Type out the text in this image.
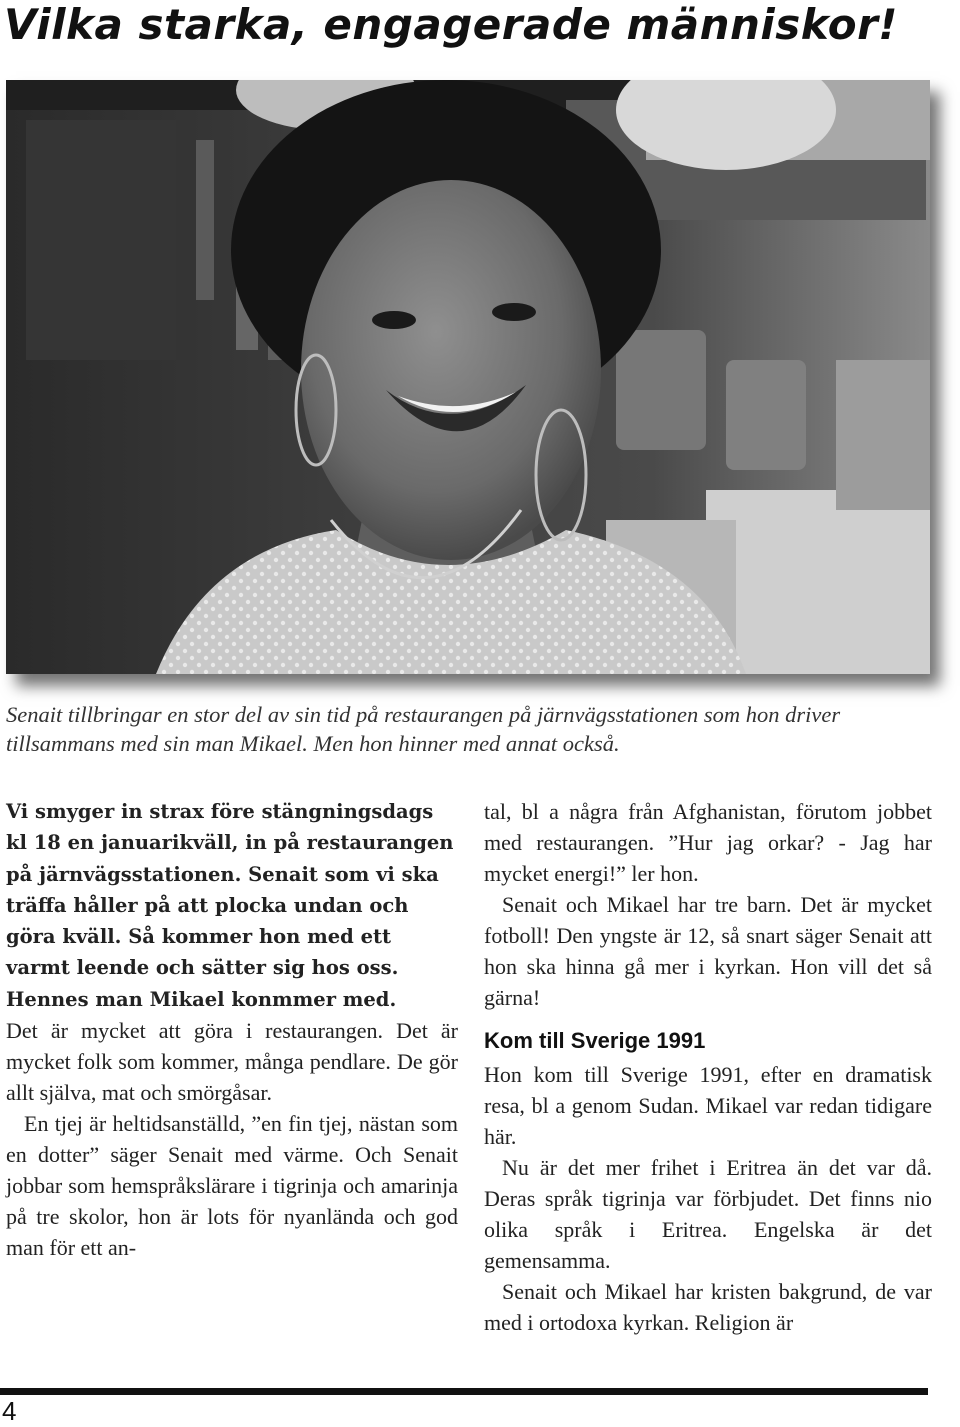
Vilka starka, engagerade människor!

Senait tillbringar en stor del av sin tid på restaurangen på järnvägsstationen som hon driver tillsammans med sin man Mikael. Men hon hinner med annat också.

Vi smyger in strax före stängningsdags kl 18 en januarikväll, in på restaurangen på järnvägsstationen. Senait som vi ska träffa håller på att plocka undan och göra kväll. Så kommer hon med ett varmt leende och sätter sig hos oss. Hennes man Mikael konmmer med.

Det är mycket att göra i restaurangen. Det är mycket folk som kommer, många pendlare. De gör allt själva, mat och smörgåsar.

En tjej är heltidsanställd, ”en fin tjej, nästan som en dotter” säger Senait med värme. Och Senait jobbar som hemspråkslärare i tigrinja och amarinja på tre skolor, hon är lots för nyanlända och god man för ett an-

tal, bl a några från Afghanistan, förutom jobbet med restaurangen. ”Hur jag orkar? - Jag har mycket energi!” ler hon.

Senait och Mikael har tre barn. Det är mycket fotboll! Den yngste är 12, så snart säger Senait att hon ska hinna gå mer i kyrkan. Hon vill det så gärna!

Kom till Sverige 1991

Hon kom till Sverige 1991, efter en dramatisk resa, bl a genom Sudan. Mikael var redan tidigare här.

Nu är det mer frihet i Eritrea än det var då. Deras språk tigrinja var förbjudet. Det finns nio olika språk i Eritrea. Engelska är det gemensamma.

Senait och Mikael har kristen bakgrund, de var med i ortodoxa kyrkan. Religion är

4
